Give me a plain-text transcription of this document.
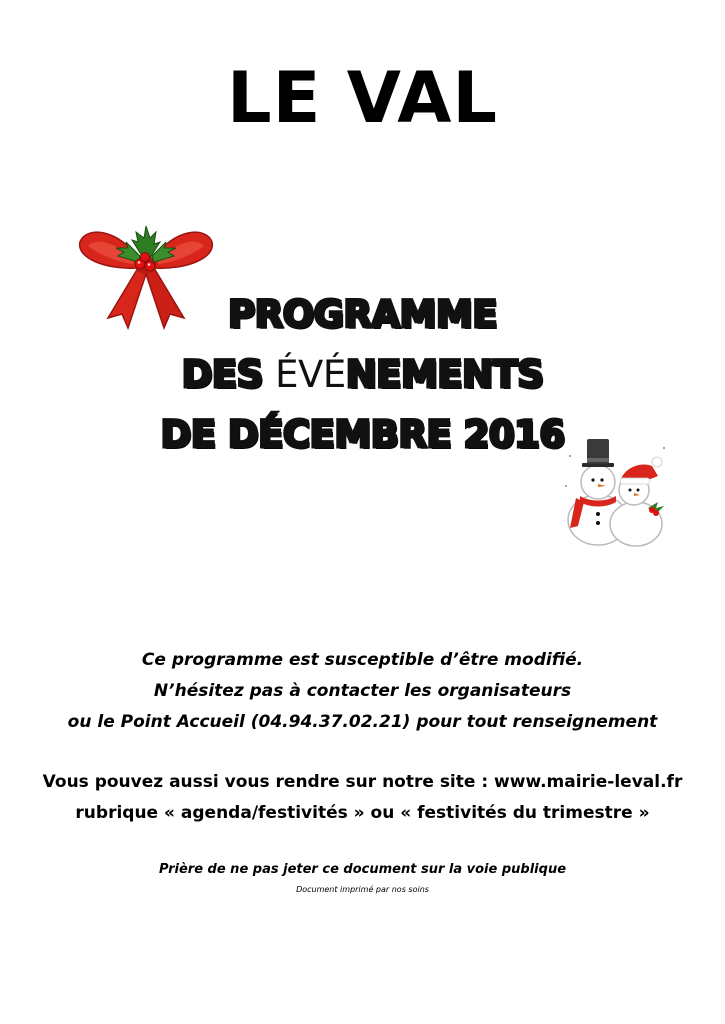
LE VAL
PROGRAMME
DES ÉVÉNEMENTS
DE DÉCEMBRE 2016
Ce programme est susceptible d’être modifié.
N’hésitez pas à contacter les organisateurs
ou le Point Accueil (04.94.37.02.21) pour tout renseignement
Vous pouvez aussi vous rendre sur notre site : www.mairie-leval.fr
rubrique « agenda/festivités » ou « festivités du trimestre »
Prière de ne pas jeter ce document sur la voie publique
Document imprimé par nos soins
